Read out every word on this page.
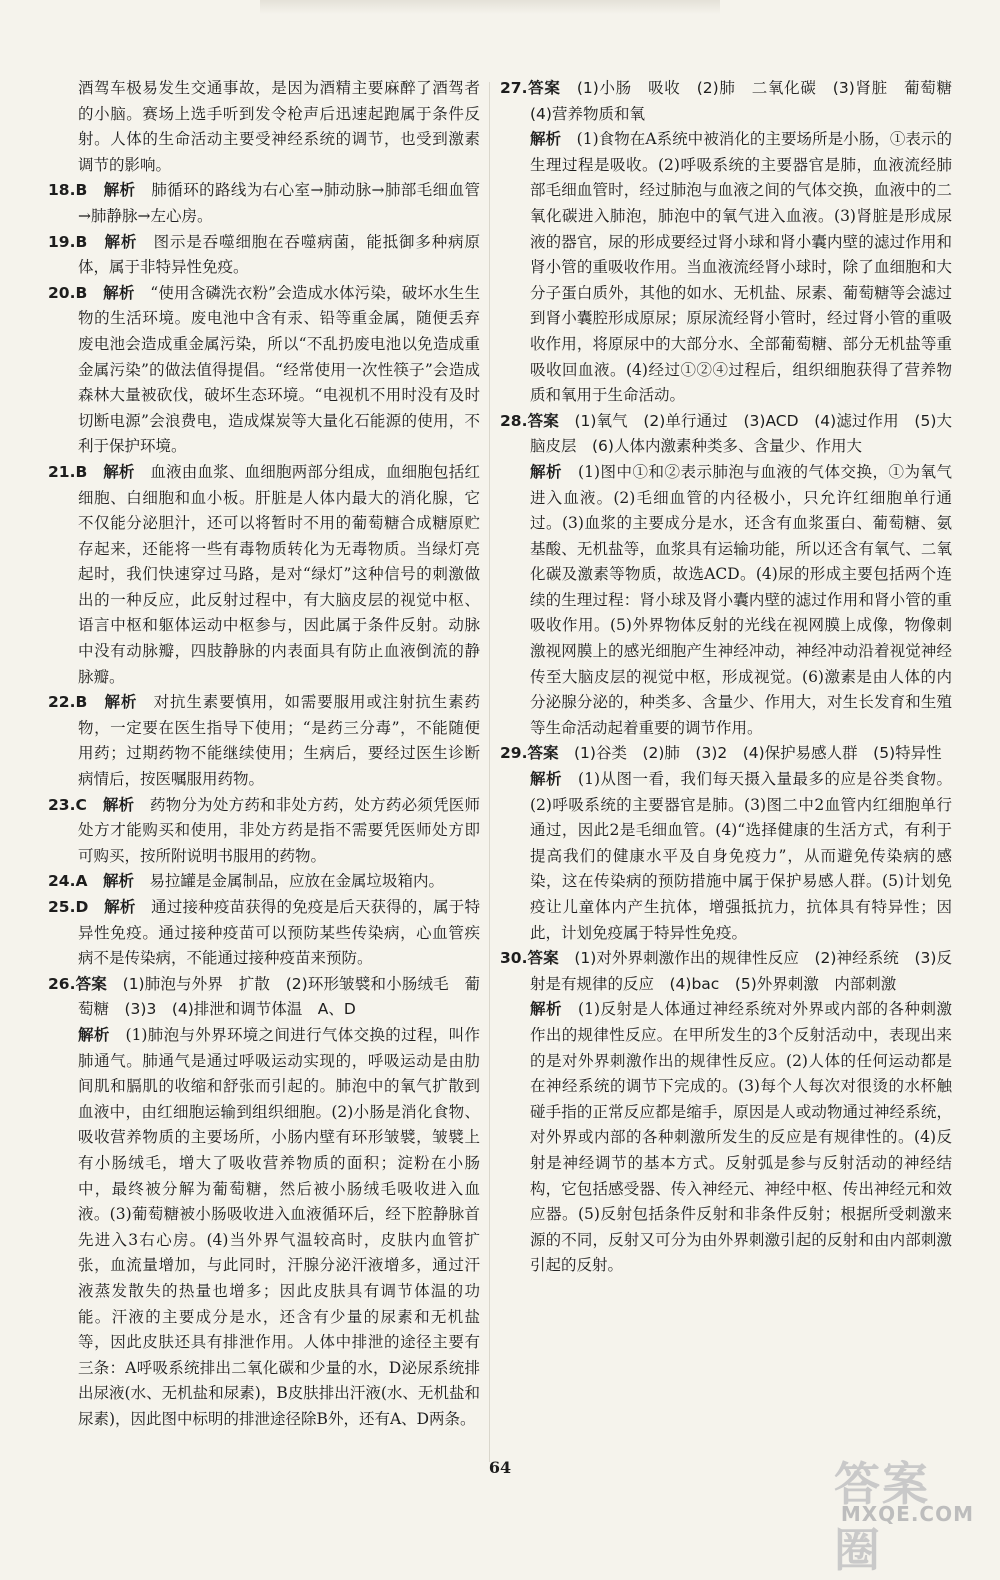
酒驾车极易发生交通事故，是因为酒精主要麻醉了酒驾者的小脑。赛场上选手听到发令枪声后迅速起跑属于条件反射。人体的生命活动主要受神经系统的调节，也受到激素调节的影响。
18.B　 解析　 肺循环的路线为右心室→肺动脉→肺部毛细血管→肺静脉→左心房。
19.B　 解析　 图示是吞噬细胞在吞噬病菌，能抵御多种病原体，属于非特异性免疫。
20.B　 解析　 “使用含磷洗衣粉”会造成水体污染，破坏水生生物的生活环境。废电池中含有汞、铅等重金属，随便丢弃废电池会造成重金属污染，所以“不乱扔废电池以免造成重金属污染”的做法值得提倡。“经常使用一次性筷子”会造成森林大量被砍伐，破坏生态环境。“电视机不用时没有及时切断电源”会浪费电，造成煤炭等大量化石能源的使用，不利于保护环境。
21.B　 解析　 血液由血浆、血细胞两部分组成，血细胞包括红细胞、白细胞和血小板。肝脏是人体内最大的消化腺，它不仅能分泌胆汁，还可以将暂时不用的葡萄糖合成糖原贮存起来，还能将一些有毒物质转化为无毒物质。当绿灯亮起时，我们快速穿过马路，是对“绿灯”这种信号的刺激做出的一种反应，此反射过程中，有大脑皮层的视觉中枢、语言中枢和躯体运动中枢参与，因此属于条件反射。动脉中没有动脉瓣，四肢静脉的内表面具有防止血液倒流的静脉瓣。
22.B　 解析　 对抗生素要慎用，如需要服用或注射抗生素药物，一定要在医生指导下使用；“是药三分毒”，不能随便用药；过期药物不能继续使用；生病后，要经过医生诊断病情后，按医嘱服用药物。
23.C　 解析　 药物分为处方药和非处方药，处方药必须凭医师处方才能购买和使用，非处方药是指不需要凭医师处方即可购买，按所附说明书服用的药物。
24.A　 解析　 易拉罐是金属制品，应放在金属垃圾箱内。
25.D　 解析　 通过接种疫苗获得的免疫是后天获得的，属于特异性免疫。通过接种疫苗可以预防某些传染病，心血管疾病不是传染病，不能通过接种疫苗来预防。
26.答案　 (1)肺泡与外界　扩散　(2)环形皱襞和小肠绒毛　葡萄糖　(3)3　(4)排泄和调节体温　A、D
解析　 (1)肺泡与外界环境之间进行气体交换的过程，叫作肺通气。肺通气是通过呼吸运动实现的，呼吸运动是由肋间肌和膈肌的收缩和舒张而引起的。肺泡中的氧气扩散到血液中，由红细胞运输到组织细胞。(2)小肠是消化食物、吸收营养物质的主要场所，小肠内壁有环形皱襞，皱襞上有小肠绒毛，增大了吸收营养物质的面积；淀粉在小肠中，最终被分解为葡萄糖，然后被小肠绒毛吸收进入血液。(3)葡萄糖被小肠吸收进入血液循环后，经下腔静脉首先进入3右心房。(4)当外界气温较高时，皮肤内血管扩张，血流量增加，与此同时，汗腺分泌汗液增多，通过汗液蒸发散失的热量也增多；因此皮肤具有调节体温的功能。汗液的主要成分是水，还含有少量的尿素和无机盐等，因此皮肤还具有排泄作用。人体中排泄的途径主要有三条：A呼吸系统排出二氧化碳和少量的水，D泌尿系统排出尿液(水、无机盐和尿素)，B皮肤排出汗液(水、无机盐和尿素)，因此图中标明的排泄途径除B外，还有A、D两条。
27.答案　 (1)小肠　吸收　(2)肺　二氧化碳　(3)肾脏　葡萄糖　(4)营养物质和氧
解析　 (1)食物在A系统中被消化的主要场所是小肠，①表示的生理过程是吸收。(2)呼吸系统的主要器官是肺，血液流经肺部毛细血管时，经过肺泡与血液之间的气体交换，血液中的二氧化碳进入肺泡，肺泡中的氧气进入血液。(3)肾脏是形成尿液的器官，尿的形成要经过肾小球和肾小囊内壁的滤过作用和肾小管的重吸收作用。当血液流经肾小球时，除了血细胞和大分子蛋白质外，其他的如水、无机盐、尿素、葡萄糖等会滤过到肾小囊腔形成原尿；原尿流经肾小管时，经过肾小管的重吸收作用，将原尿中的大部分水、全部葡萄糖、部分无机盐等重吸收回血液。(4)经过①②④过程后，组织细胞获得了营养物质和氧用于生命活动。
28.答案　 (1)氧气　(2)单行通过　(3)ACD　(4)滤过作用　(5)大脑皮层　(6)人体内激素种类多、含量少、作用大
解析　 (1)图中①和②表示肺泡与血液的气体交换，①为氧气进入血液。(2)毛细血管的内径极小，只允许红细胞单行通过。(3)血浆的主要成分是水，还含有血浆蛋白、葡萄糖、氨基酸、无机盐等，血浆具有运输功能，所以还含有氧气、二氧化碳及激素等物质，故选ACD。(4)尿的形成主要包括两个连续的生理过程：肾小球及肾小囊内壁的滤过作用和肾小管的重吸收作用。(5)外界物体反射的光线在视网膜上成像，物像刺激视网膜上的感光细胞产生神经冲动，神经冲动沿着视觉神经传至大脑皮层的视觉中枢，形成视觉。(6)激素是由人体的内分泌腺分泌的，种类多、含量少、作用大，对生长发育和生殖等生命活动起着重要的调节作用。
29.答案　 (1)谷类　(2)肺　(3)2　(4)保护易感人群　(5)特异性
解析　 (1)从图一看，我们每天摄入量最多的应是谷类食物。(2)呼吸系统的主要器官是肺。(3)图二中2血管内红细胞单行通过，因此2是毛细血管。(4)“选择健康的生活方式，有利于提高我们的健康水平及自身免疫力”，从而避免传染病的感染，这在传染病的预防措施中属于保护易感人群。(5)计划免疫让儿童体内产生抗体，增强抵抗力，抗体具有特异性；因此，计划免疫属于特异性免疫。
30.答案　 (1)对外界刺激作出的规律性反应　(2)神经系统　(3)反射是有规律的反应　(4)bac　(5)外界刺激　内部刺激
解析　 (1)反射是人体通过神经系统对外界或内部的各种刺激作出的规律性反应。在甲所发生的3个反射活动中，表现出来的是对外界刺激作出的规律性反应。(2)人体的任何运动都是在神经系统的调节下完成的。(3)每个人每次对很烫的水杯触碰手指的正常反应都是缩手，原因是人或动物通过神经系统，对外界或内部的各种刺激所发生的反应是有规律性的。(4)反射是神经调节的基本方式。反射弧是参与反射活动的神经结构，它包括感受器、传入神经元、神经中枢、传出神经元和效应器。(5)反射包括条件反射和非条件反射；根据所受刺激来源的不同，反射又可分为由外界刺激引起的反射和由内部刺激引起的反射。
64	答案圈
MXQE.COM
